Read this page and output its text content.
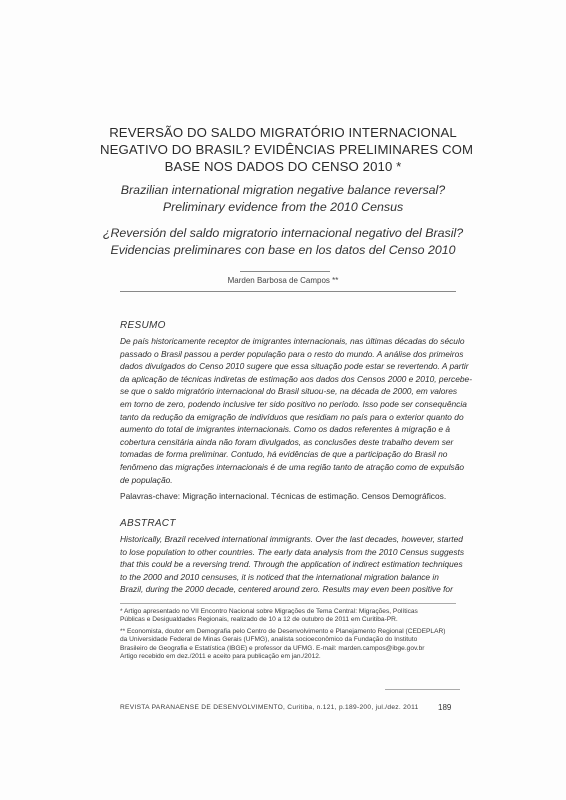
REVERSÃO DO SALDO MIGRATÓRIO INTERNACIONAL
NEGATIVO DO BRASIL? EVIDÊNCIAS PRELIMINARES COM
BASE NOS DADOS DO CENSO 2010 *
Brazilian international migration negative balance reversal?
Preliminary evidence from the 2010 Census
¿Reversión del saldo migratorio internacional negativo del Brasil?
Evidencias preliminares con base en los datos del Censo 2010
Marden Barbosa de Campos **
RESUMO
De país historicamente receptor de imigrantes internacionais, nas últimas décadas do século
passado o Brasil passou a perder população para o resto do mundo. A análise dos primeiros
dados divulgados do Censo 2010 sugere que essa situação pode estar se revertendo. A partir
da aplicação de técnicas indiretas de estimação aos dados dos Censos 2000 e 2010, percebe-
se que o saldo migratório internacional do Brasil situou-se, na década de 2000, em valores
em torno de zero, podendo inclusive ter sido positivo no período. Isso pode ser consequência
tanto da redução da emigração de indivíduos que residiam no país para o exterior quanto do
aumento do total de imigrantes internacionais. Como os dados referentes à migração e à
cobertura censitária ainda não foram divulgados, as conclusões deste trabalho devem ser
tomadas de forma preliminar. Contudo, há evidências de que a participação do Brasil no
fenômeno das migrações internacionais é de uma região tanto de atração como de expulsão
de população.
Palavras-chave: Migração internacional. Técnicas de estimação. Censos Demográficos.
ABSTRACT
Historically, Brazil received international immigrants. Over the last decades, however, started
to lose population to other countries. The early data analysis from the 2010 Census suggests
that this could be a reversing trend. Through the application of indirect estimation techniques
to the 2000 and 2010 censuses, it is noticed that the international migration balance in
Brazil, during the 2000 decade, centered around zero. Results may even been positive for
* Artigo apresentado no VII Encontro Nacional sobre Migrações de Tema Central: Migrações, Políticas
Públicas e Desigualdades Regionais, realizado de 10 a 12 de outubro de 2011 em Curitiba-PR.
** Economista, doutor em Demografia pelo Centro de Desenvolvimento e Planejamento Regional (CEDEPLAR)
da Universidade Federal de Minas Gerais (UFMG), analista socioeconômico da Fundação do Instituto
Brasileiro de Geografia e Estatística (IBGE) e professor da UFMG. E-mail: marden.campos@ibge.gov.br
Artigo recebido em dez./2011 e aceito para publicação em jan./2012.
REVISTA PARANAENSE DE DESENVOLVIMENTO, Curitiba, n.121, p.189-200, jul./dez. 2011 189
